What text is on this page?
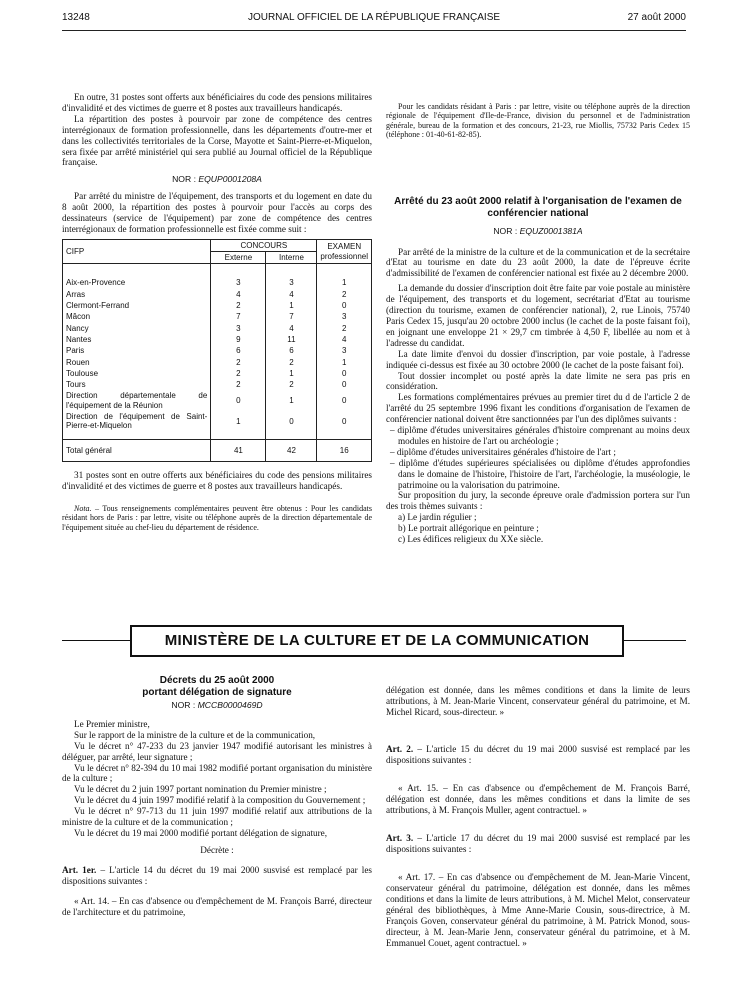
13248	JOURNAL OFFICIEL DE LA RÉPUBLIQUE FRANÇAISE	27 août 2000

En outre, 31 postes sont offerts aux bénéficiaires du code des pensions militaires d'invalidité et des victimes de guerre et 8 postes aux travailleurs handicapés.

La répartition des postes à pourvoir par zone de compétence des centres interrégionaux de formation professionnelle, dans les départements d'outre-mer et dans les collectivités territoriales de la Corse, Mayotte et Saint-Pierre-et-Miquelon, sera fixée par arrêté ministériel qui sera publié au Journal officiel de la République française.

NOR : EQUP0001208A

Par arrêté du ministre de l'équipement, des transports et du logement en date du 8 août 2000, la répartition des postes à pourvoir pour l'accès au corps des dessinateurs (service de l'équipement) par zone de compétence des centres interrégionaux de formation professionnelle est fixée comme suit :

CIFP	CONCOURS		EXAMEN professionnel
	Externe	Interne	
Aix-en-Provence	3	3	1
Arras	4	4	2
Clermont-Ferrand	2	1	0
Mâcon	7	7	3
Nancy	3	4	2
Nantes	9	11	4
Paris	6	6	3
Rouen	2	2	1
Toulouse	2	1	0
Tours	2	2	0
Direction départementale de l'équipement de la Réunion	0	1	0
Direction de l'équipement de Saint-Pierre-et-Miquelon	1	0	0
Total général	41	42	16

31 postes sont en outre offerts aux bénéficiaires du code des pensions militaires d'invalidité et des victimes de guerre et 8 postes aux travailleurs handicapés.

Nota. – Tous renseignements complémentaires peuvent être obtenus : Pour les candidats résidant hors de Paris : par lettre, visite ou téléphone auprès de la direction départementale de l'équipement située au chef-lieu du département de résidence.

Pour les candidats résidant à Paris : par lettre, visite ou téléphone auprès de la direction régionale de l'équipement d'Ile-de-France, division du personnel et de l'administration générale, bureau de la formation et des concours, 21-23, rue Miollis, 75732 Paris Cedex 15 (téléphone : 01-40-61-82-85).

Arrêté du 23 août 2000 relatif à l'organisation de l'examen de conférencier national
NOR : EQUZ0001381A

Par arrêté de la ministre de la culture et de la communication et de la secrétaire d'Etat au tourisme en date du 23 août 2000, la date de l'épreuve écrite d'admissibilité de l'examen de conférencier national est fixée au 2 décembre 2000.

La demande du dossier d'inscription doit être faite par voie postale au ministère de l'équipement, des transports et du logement, secrétariat d'Etat au tourisme (direction du tourisme, examen de conférencier national), 2, rue Linois, 75740 Paris Cedex 15, jusqu'au 20 octobre 2000 inclus (le cachet de la poste faisant foi), en joignant une enveloppe 21 × 29,7 cm timbrée à 4,50 F, libellée au nom et à l'adresse du candidat.

La date limite d'envoi du dossier d'inscription, par voie postale, à l'adresse indiquée ci-dessus est fixée au 30 octobre 2000 (le cachet de la poste faisant foi).

Tout dossier incomplet ou posté après la date limite ne sera pas pris en considération.

Les formations complémentaires prévues au premier tiret du d de l'article 2 de l'arrêté du 25 septembre 1996 fixant les conditions d'organisation de l'examen de conférencier national doivent être sanctionnées par l'un des diplômes suivants :

– diplôme d'études universitaires générales d'histoire comprenant au moins deux modules en histoire de l'art ou archéologie ;

– diplôme d'études universitaires générales d'histoire de l'art ;

– diplôme d'études supérieures spécialisées ou diplôme d'études approfondies dans le domaine de l'histoire, l'histoire de l'art, l'archéologie, la muséologie, le patrimoine ou la valorisation du patrimoine.

Sur proposition du jury, la seconde épreuve orale d'admission portera sur l'un des trois thèmes suivants :

a) Le jardin régulier ;

b) Le portrait allégorique en peinture ;

c) Les édifices religieux du XXe siècle.

MINISTÈRE DE LA CULTURE ET DE LA COMMUNICATION
Décrets du 25 août 2000
portant délégation de signature
NOR : MCCB0000469D

Le Premier ministre,

Sur le rapport de la ministre de la culture et de la communication,

Vu le décret n° 47-233 du 23 janvier 1947 modifié autorisant les ministres à déléguer, par arrêté, leur signature ;

Vu le décret n° 82-394 du 10 mai 1982 modifié portant organisation du ministère de la culture ;

Vu le décret du 2 juin 1997 portant nomination du Premier ministre ;

Vu le décret du 4 juin 1997 modifié relatif à la composition du Gouvernement ;

Vu le décret n° 97-713 du 11 juin 1997 modifié relatif aux attributions de la ministre de la culture et de la communication ;

Vu le décret du 19 mai 2000 modifié portant délégation de signature,

Décrète :

Art. 1er. – L'article 14 du décret du 19 mai 2000 susvisé est remplacé par les dispositions suivantes :

« Art. 14. – En cas d'absence ou d'empêchement de M. François Barré, directeur de l'architecture et du patrimoine,

délégation est donnée, dans les mêmes conditions et dans la limite de leurs attributions, à M. Jean-Marie Vincent, conservateur général du patrimoine, et M. Michel Ricard, sous-directeur. »

Art. 2. – L'article 15 du décret du 19 mai 2000 susvisé est remplacé par les dispositions suivantes :

« Art. 15. – En cas d'absence ou d'empêchement de M. François Barré, délégation est donnée, dans les mêmes conditions et dans la limite de ses attributions, à M. François Muller, agent contractuel. »

Art. 3. – L'article 17 du décret du 19 mai 2000 susvisé est remplacé par les dispositions suivantes :

« Art. 17. – En cas d'absence ou d'empêchement de M. Jean-Marie Vincent, conservateur général du patrimoine, délégation est donnée, dans les mêmes conditions et dans la limite de leurs attributions, à M. Michel Melot, conservateur général des bibliothèques, à Mme Anne-Marie Cousin, sous-directrice, à M. François Goven, conservateur général du patrimoine, à M. Patrick Monod, sous-directeur, à M. Jean-Marie Jenn, conservateur général du patrimoine, et à M. Emmanuel Couet, agent contractuel. »
